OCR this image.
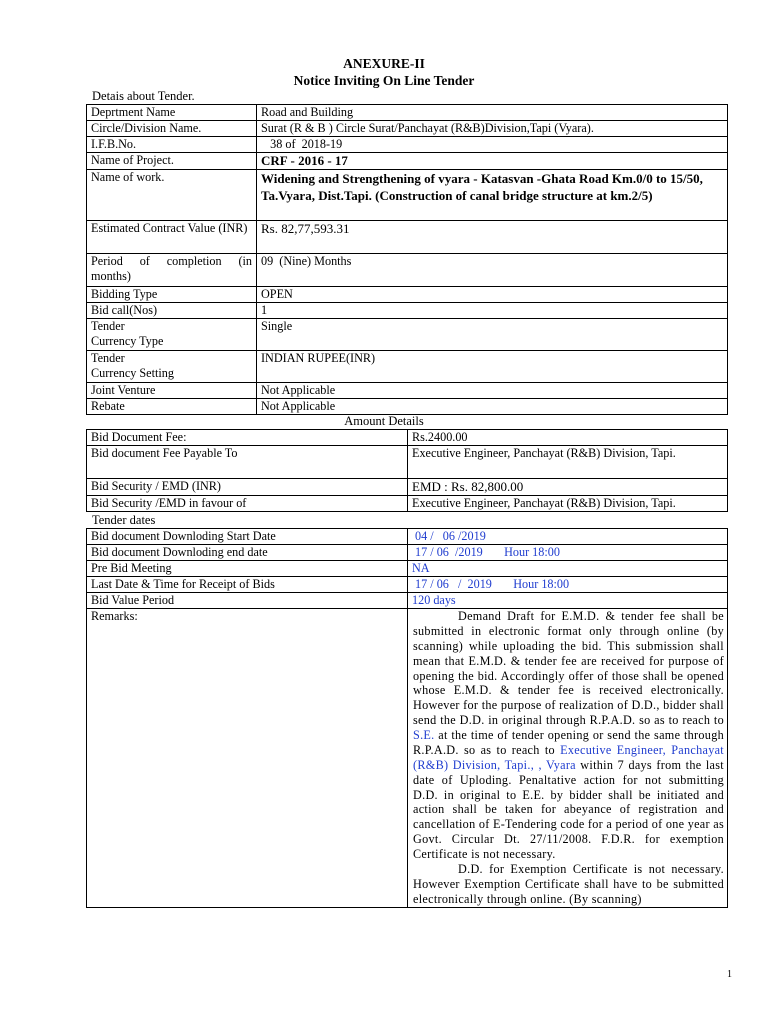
ANEXURE-II
Notice Inviting On Line Tender
Detais about Tender.
Deprtment Name	Road and Building
Circle/Division Name.	Surat (R & B ) Circle Surat/Panchayat (R&B)Division,Tapi (Vyara).
I.F.B.No.	38 of  2018-19
Name of Project.	CRF - 2016 - 17
Name of work.	Widening and Strengthening of vyara - Katasvan -Ghata Road Km.0/0 to 15/50, Ta.Vyara, Dist.Tapi. (Construction of canal bridge structure at km.2/5)
Estimated Contract Value (INR)	Rs. 82,77,593.31
Period of completion (in months)	09  (Nine) Months
Bidding Type	OPEN
Bid call(Nos)	1
Tender
Currency Type	Single
Tender
Currency Setting	INDIAN RUPEE(INR)
Joint Venture	Not Applicable
Rebate	Not Applicable
Amount Details
Bid Document Fee:	Rs.2400.00
Bid document Fee Payable To	Executive Engineer, Panchayat (R&B) Division, Tapi.
Bid Security / EMD (INR)	EMD : Rs. 82,800.00
Bid Security /EMD in favour of	Executive Engineer, Panchayat (R&B) Division, Tapi.
Tender dates
Bid document Downloding Start Date	04 /   06 /2019
Bid document Downloding end date	17 / 06  /2019       Hour 18:00
Pre Bid Meeting	NA
Last Date & Time for Receipt of Bids	17 / 06   /  2019       Hour 18:00
Bid Value Period	120 days
Remarks:	Demand Draft for E.M.D. & tender fee shall be submitted in electronic format only through online (by scanning) while uploading the bid. This submission shall mean that E.M.D. & tender fee are received for purpose of opening the bid. Accordingly offer of those shall be opened whose E.M.D. & tender fee is received electronically. However for the purpose of realization of D.D., bidder shall send the D.D. in original through R.P.A.D. so as to reach to S.E. at the time of tender opening or send the same through R.P.A.D. so as to reach to Executive Engineer, Panchayat (R&B) Division, Tapi., , Vyara within 7 days from the last date of Uploding. Penaltative action for not submitting D.D. in original to E.E. by bidder shall be initiated and action shall be taken for abeyance of registration and cancellation of E-Tendering code for a period of one year as Govt. Circular Dt. 27/11/2008. F.D.R. for exemption Certificate is not necessary.
D.D. for Exemption Certificate is not necessary. However Exemption Certificate shall have to be submitted electronically through online. (By scanning)
1
